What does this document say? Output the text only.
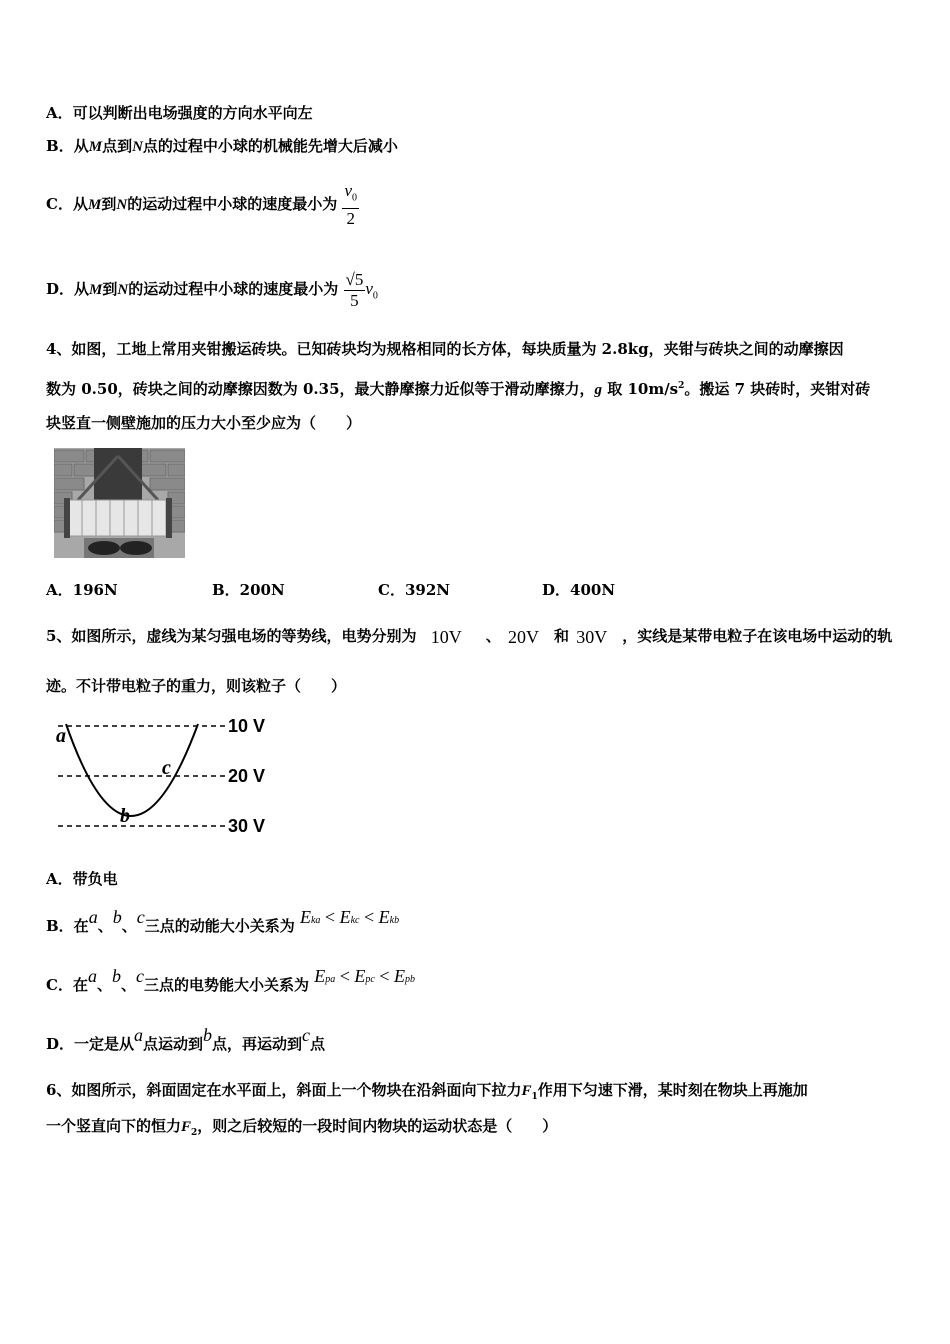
A．可以判断出电场强度的方向水平向左
B．从M点到N点的过程中小球的机械能先增大后减小
C．从M到N的运动过程中小球的速度最小为 $\frac{v_0}{2}$
D．从M到N的运动过程中小球的速度最小为 $\frac{√5}{5} v_0$
4、如图，工地上常用夹钳搬运砖块。已知砖块均为规格相同的长方体，每块质量为 2.8kg，夹钳与砖块之间的动摩擦因
数为 0.50，砖块之间的动摩擦因数为 0.35，最大静摩擦力近似等于滑动摩擦力，g 取 $10m/s^2$。搬运 7 块砖时，夹钳对砖
块竖直一侧壁施加的压力大小至少应为（　　）
A．196N	B．200N	C．392N	D．400N
5、如图所示，虚线为某匀强电场的等势线，电势分别为 10V 、 20V 和 30V ，实线是某带电粒子在该电场中运动的轨
迹。不计带电粒子的重力，则该粒子（　　）
a
b
c
10 V
20 V
30 V
A．带负电
B．在a、b、c三点的动能大小关系为 Eka < Ekc < Ekb
C．在a、b、c三点的电势能大小关系为 Epa < Epc < Epb
D．一定是从a点运动到b点，再运动到c点
6、如图所示，斜面固定在水平面上，斜面上一个物块在沿斜面向下拉力$F_1$作用下匀速下滑，某时刻在物块上再施加
一个竖直向下的恒力$F_2$，则之后较短的一段时间内物块的运动状态是（　　）
